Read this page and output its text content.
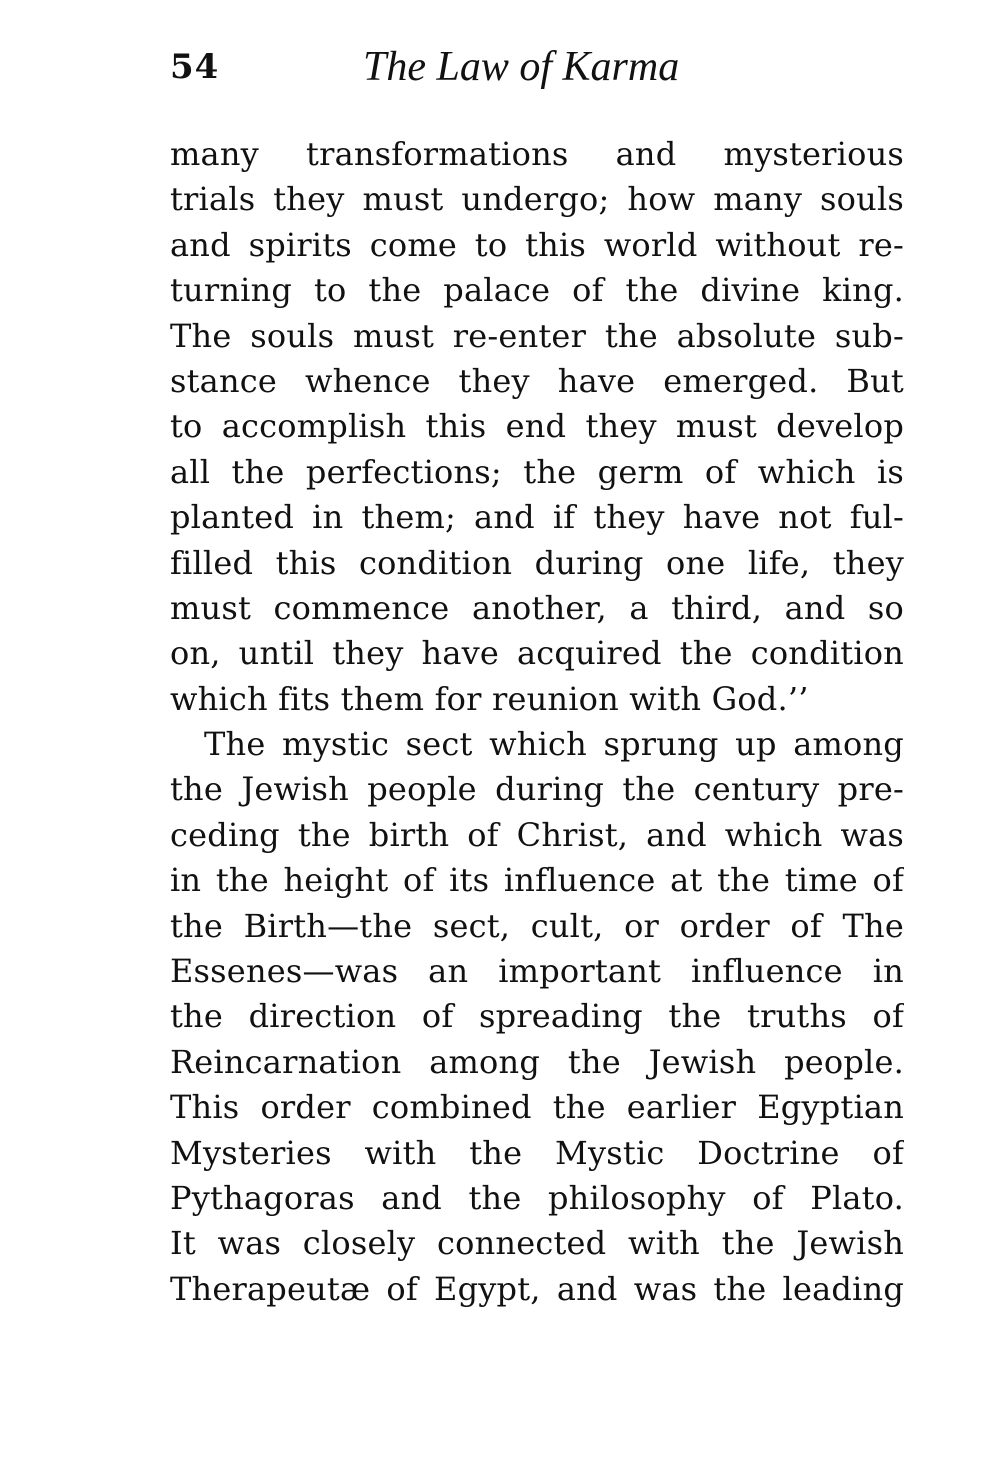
54	The Law of Karma
many transformations and mysterious
trials they must undergo; how many souls
and spirits come to this world without re-
turning to the palace of the divine king.
The souls must re-enter the absolute sub-
stance whence they have emerged. But
to accomplish this end they must develop
all the perfections; the germ of which is
planted in them; and if they have not ful-
filled this condition during one life, they
must commence another, a third, and so
on, until they have acquired the condition
which fits them for reunion with God.’’
The mystic sect which sprung up among
the Jewish people during the century pre-
ceding the birth of Christ, and which was
in the height of its influence at the time of
the Birth—the sect, cult, or order of The
Essenes—was an important influence in
the direction of spreading the truths of
Reincarnation among the Jewish people.
This order combined the earlier Egyptian
Mysteries with the Mystic Doctrine of
Pythagoras and the philosophy of Plato.
It was closely connected with the Jewish
Therapeutæ of Egypt, and was the leading
